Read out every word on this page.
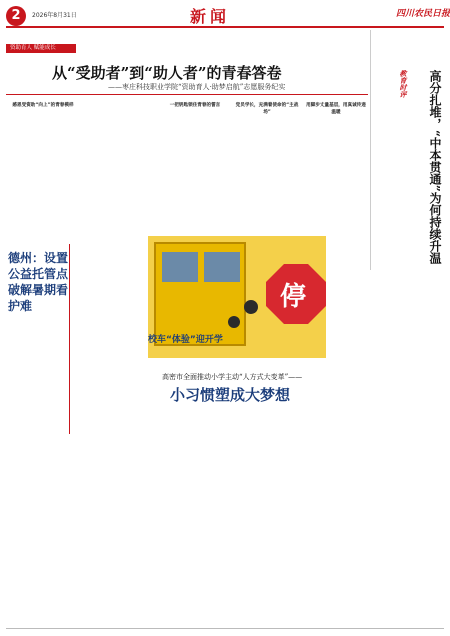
2	2026年8月31日	新闻	四川农民日报
资助育人 赋能成长
从“受助者”到“助人者”的青春答卷
——枣庄科技职业学院“资助育人·助梦启航”志愿服务纪实
感恩受资助“向上”的青春模样	一把钥匙锁住青春的誓言	党员学长，充满着使命的“主战场”
用脚步丈量基层，用真诚传递温暖
德州：设置公益托管点破解暑期看护难	停
校车“体验”迎开学
高密市全面推动小学主动“人方式大变革”——
小习惯塑成大梦想
教育时评	高分扎堆，“中本贯通”为何持续升温
